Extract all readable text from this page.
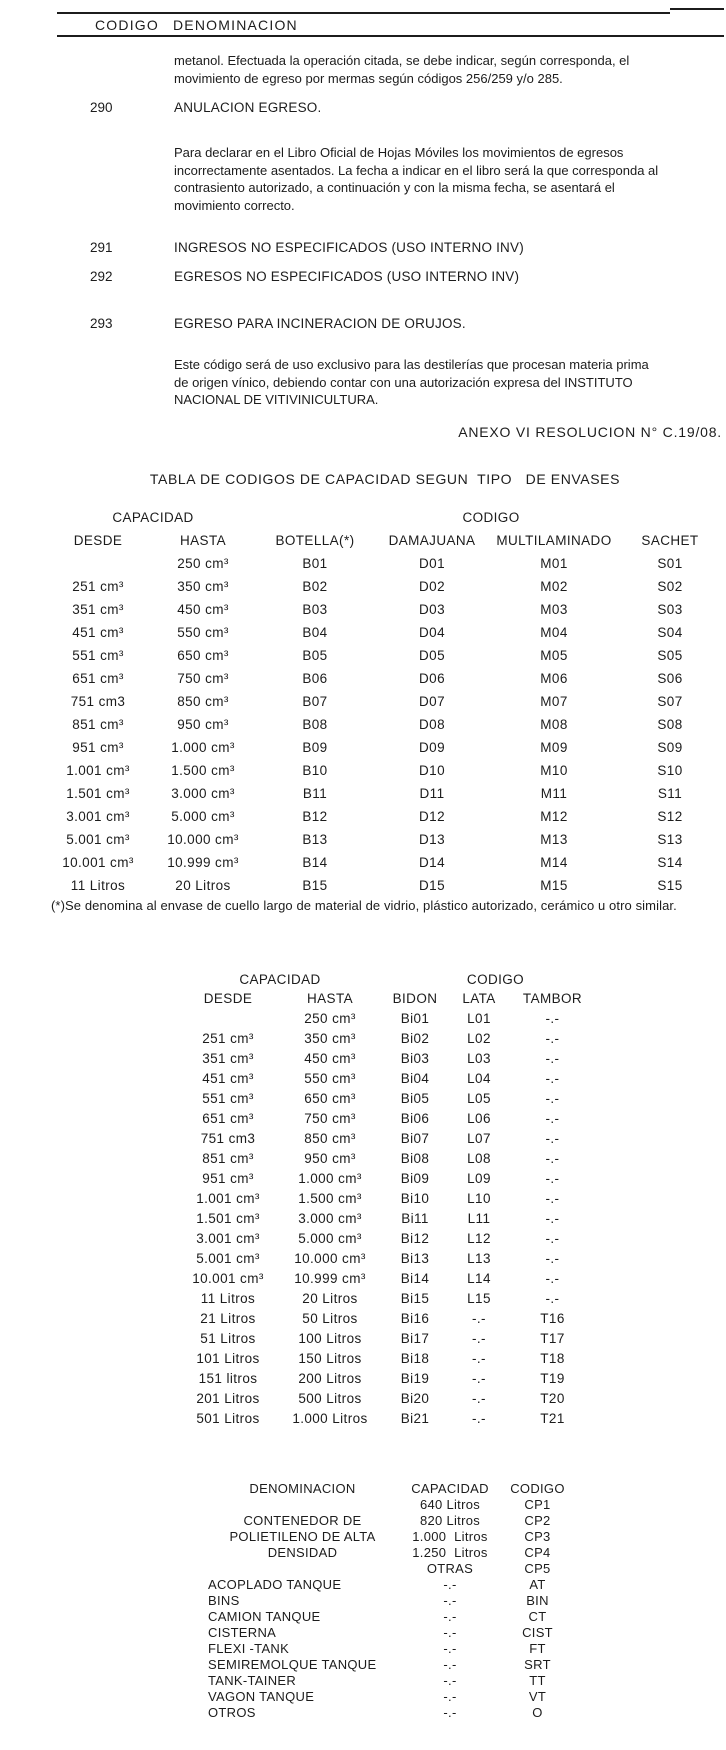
CODIGO DENOMINACION
metanol. Efectuada la operación citada, se debe indicar, según corresponda, el
movimiento de egreso por mermas según códigos 256/259 y/o 285.
290	ANULACION EGRESO.
Para declarar en el Libro Oficial de Hojas Móviles los movimientos de egresos
incorrectamente asentados. La fecha a indicar en el libro será la que corresponda al
contrasiento autorizado, a continuación y con la misma fecha, se asentará el
movimiento correcto.
291	INGRESOS NO ESPECIFICADOS (USO INTERNO INV)
292	EGRESOS NO ESPECIFICADOS (USO INTERNO INV)
293	EGRESO PARA INCINERACION DE ORUJOS.
Este código será de uso exclusivo para las destilerías que procesan materia prima
de origen vínico, debiendo contar con una autorización expresa del INSTITUTO
NACIONAL DE VITIVINICULTURA.
ANEXO VI RESOLUCION N° C.19/08.
TABLA DE CODIGOS DE CAPACIDAD SEGUN  TIPO   DE ENVASES
CAPACIDAD		CODIGO			
DESDE	HASTA	BOTELLA(*)	DAMAJUANA	MULTILAMINADO	SACHET
	250 cm³	B01	D01	M01	S01
251 cm³	350 cm³	B02	D02	M02	S02
351 cm³	450 cm³	B03	D03	M03	S03
451 cm³	550 cm³	B04	D04	M04	S04
551 cm³	650 cm³	B05	D05	M05	S05
651 cm³	750 cm³	B06	D06	M06	S06
751 cm3	850 cm³	B07	D07	M07	S07
851 cm³	950 cm³	B08	D08	M08	S08
951 cm³	1.000 cm³	B09	D09	M09	S09
1.001 cm³	1.500 cm³	B10	D10	M10	S10
1.501 cm³	3.000 cm³	B11	D11	M11	S11
3.001 cm³	5.000 cm³	B12	D12	M12	S12
5.001 cm³	10.000 cm³	B13	D13	M13	S13
10.001 cm³	10.999 cm³	B14	D14	M14	S14
11 Litros	20 Litros	B15	D15	M15	S15
(*)Se denomina al envase de cuello largo de material de vidrio, plástico autorizado, cerámico u otro similar.
CAPACIDAD		CODIGO		
DESDE	HASTA	BIDON	LATA	TAMBOR
	250 cm³	Bi01	L01	-.-
251 cm³	350 cm³	Bi02	L02	-.-
351 cm³	450 cm³	Bi03	L03	-.-
451 cm³	550 cm³	Bi04	L04	-.-
551 cm³	650 cm³	Bi05	L05	-.-
651 cm³	750 cm³	Bi06	L06	-.-
751 cm3	850 cm³	Bi07	L07	-.-
851 cm³	950 cm³	Bi08	L08	-.-
951 cm³	1.000 cm³	Bi09	L09	-.-
1.001 cm³	1.500 cm³	Bi10	L10	-.-
1.501 cm³	3.000 cm³	Bi11	L11	-.-
3.001 cm³	5.000 cm³	Bi12	L12	-.-
5.001 cm³	10.000 cm³	Bi13	L13	-.-
10.001 cm³	10.999 cm³	Bi14	L14	-.-
11 Litros	20 Litros	Bi15	L15	-.-
21 Litros	50 Litros	Bi16	-.-	T16
51 Litros	100 Litros	Bi17	-.-	T17
101 Litros	150 Litros	Bi18	-.-	T18
151 litros	200 Litros	Bi19	-.-	T19
201 Litros	500 Litros	Bi20	-.-	T20
501 Litros	1.000 Litros	Bi21	-.-	T21
DENOMINACION	CAPACIDAD	CODIGO
	640 Litros	CP1
CONTENEDOR DE	820 Litros	CP2
POLIETILENO DE ALTA	1.000  Litros	CP3
DENSIDAD	1.250  Litros	CP4
	OTRAS	CP5
ACOPLADO TANQUE	-.-	AT
BINS	-.-	BIN
CAMION TANQUE	-.-	CT
CISTERNA	-.-	CIST
FLEXI -TANK	-.-	FT
SEMIREMOLQUE TANQUE	-.-	SRT
TANK-TAINER	-.-	TT
VAGON TANQUE	-.-	VT
OTROS	-.-	O
